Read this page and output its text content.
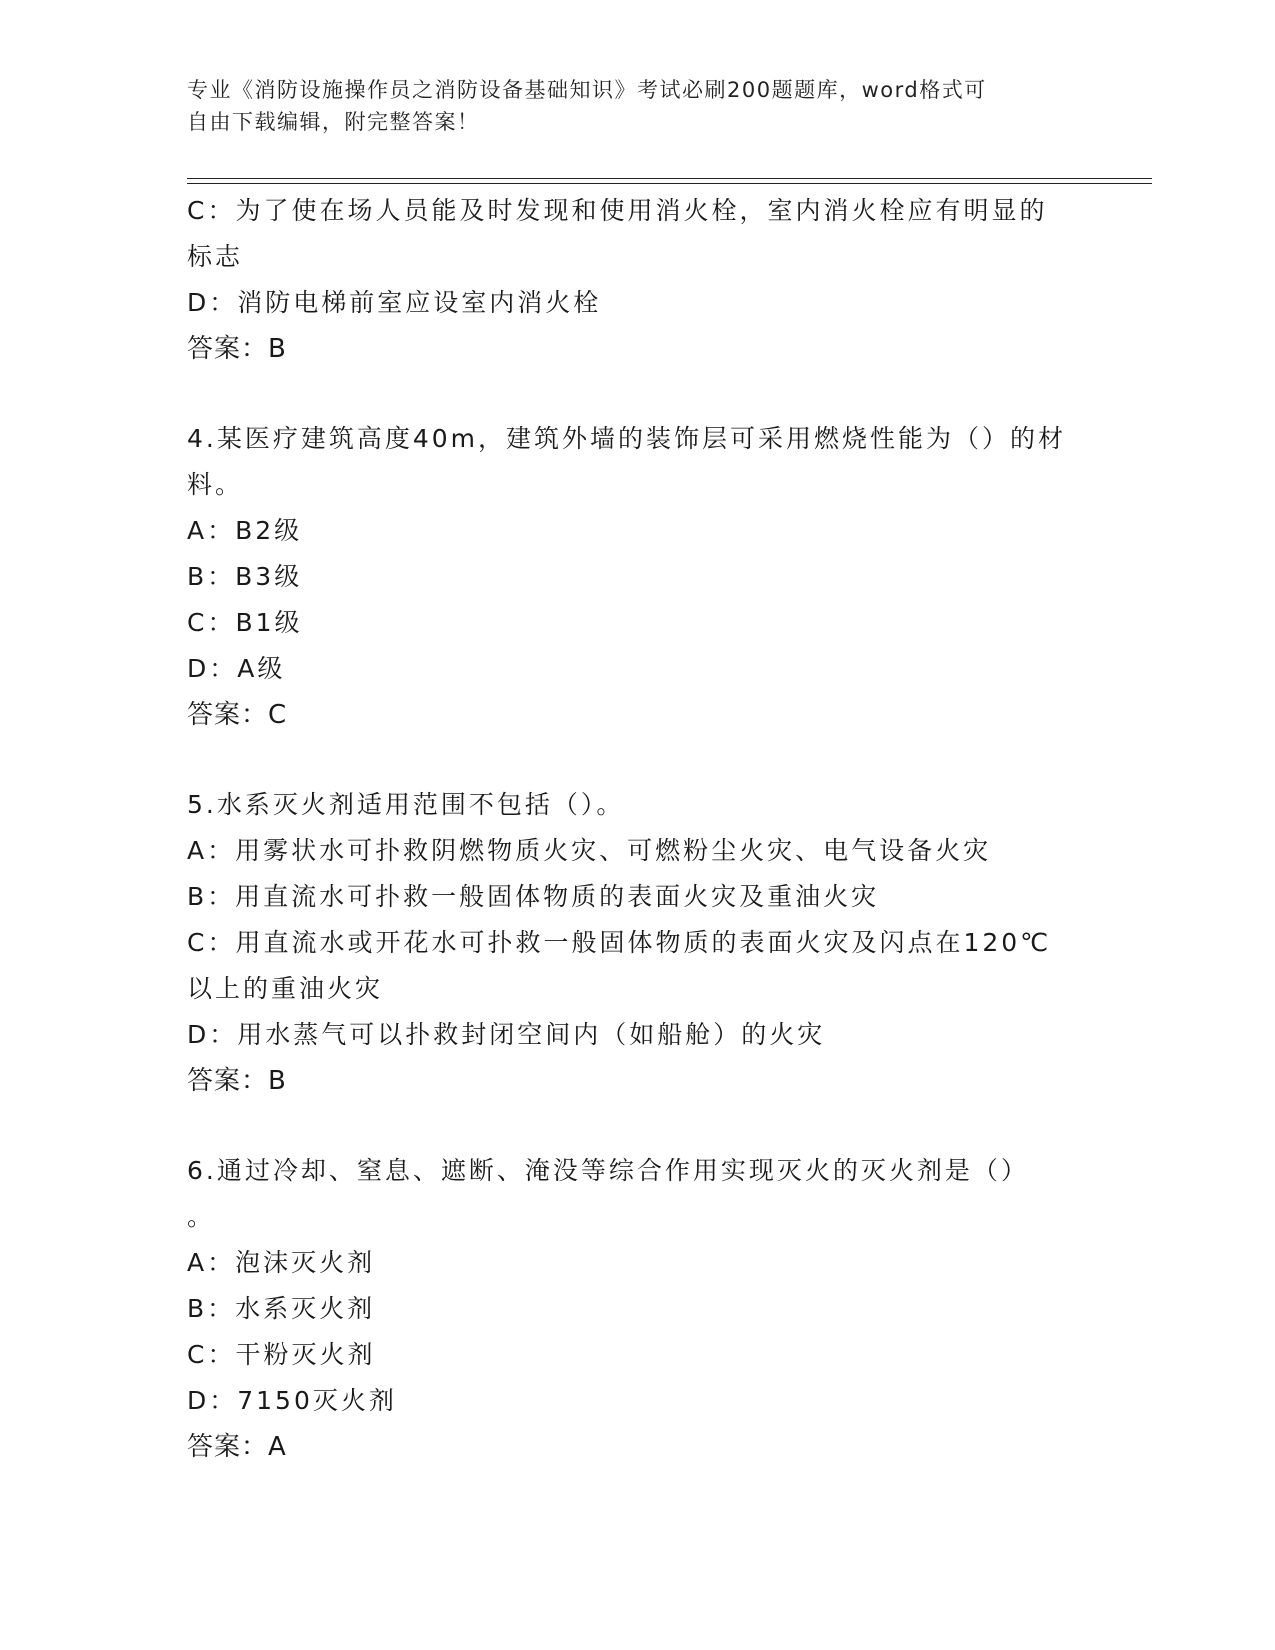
专业《消防设施操作员之消防设备基础知识》考试必刷200题题库，word格式可
自由下载编辑，附完整答案！
C：为了使在场人员能及时发现和使用消火栓，室内消火栓应有明显的
标志
D：消防电梯前室应设室内消火栓
答案：B
4.某医疗建筑高度40m，建筑外墙的装饰层可采用燃烧性能为（）的材
料。
A：B2级
B：B3级
C：B1级
D：A级
答案：C
5.水系灭火剂适用范围不包括（）。
A：用雾状水可扑救阴燃物质火灾、可燃粉尘火灾、电气设备火灾
B：用直流水可扑救一般固体物质的表面火灾及重油火灾
C：用直流水或开花水可扑救一般固体物质的表面火灾及闪点在120℃
以上的重油火灾
D：用水蒸气可以扑救封闭空间内（如船舱）的火灾
答案：B
6.通过冷却、窒息、遮断、淹没等综合作用实现灭火的灭火剂是（）
。
A：泡沫灭火剂
B：水系灭火剂
C：干粉灭火剂
D：7150灭火剂
答案：A
